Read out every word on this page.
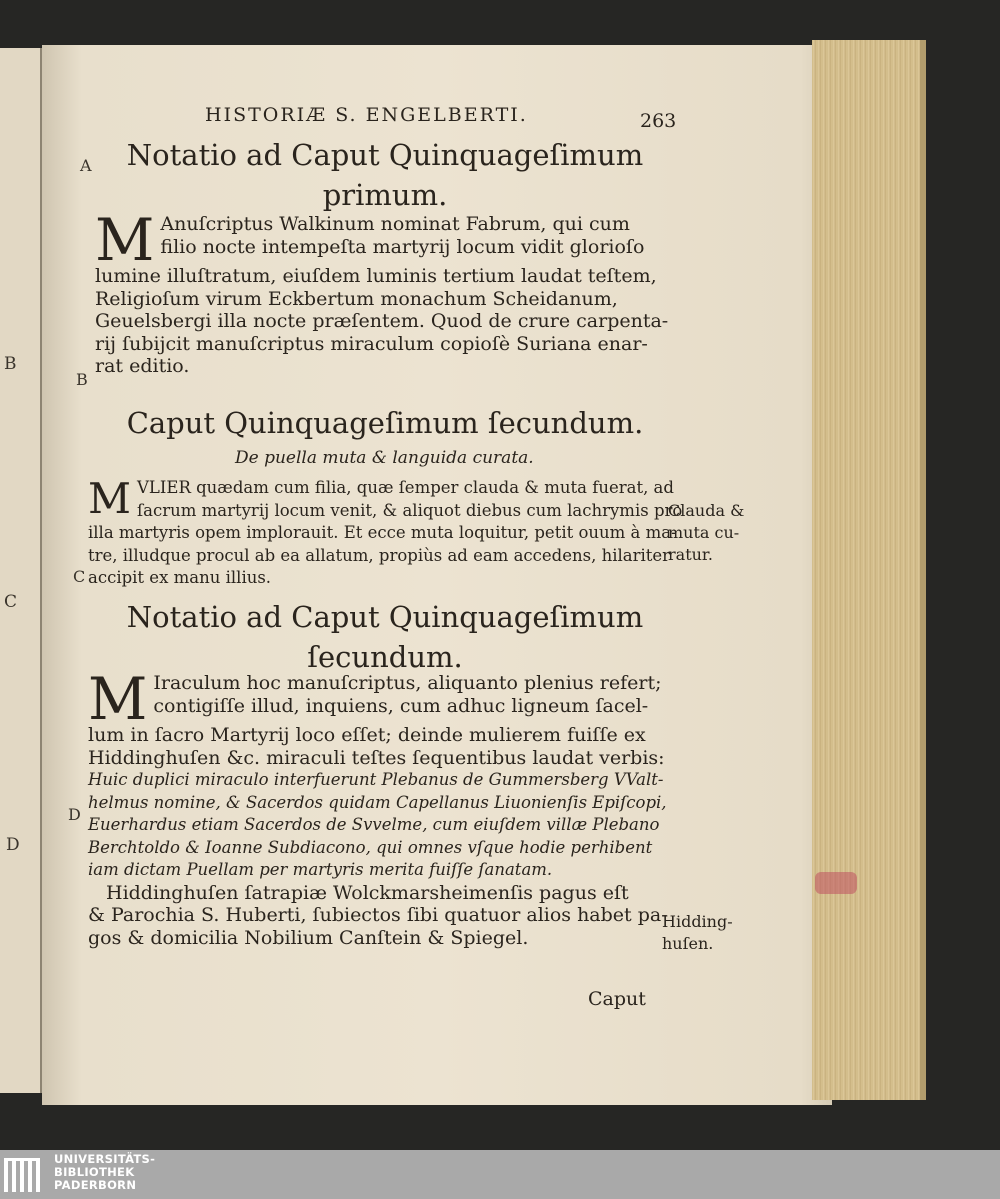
B
C
D
HISTORIÆ S. ENGELBERTI.	263
A	Notatio ad Caput Quinquageſimum
primum.
M Anuſcriptus Walkinum nominat Fabrum, qui cum
filio nocte intempeſta martyrij locum vidit glorioſo
lumine illuſtratum, eiuſdem luminis tertium laudat teſtem,
Religioſum virum Eckbertum monachum Scheidanum,
Geuelsbergi illa nocte præſentem. Quod de crure carpenta-
rij ſubijcit manuſcriptus miraculum copioſè Suriana enar-
rat editio.
B
Caput Quinquageſimum ſecundum.
De puella muta & languida curata.
M VLIER quædam cum filia, quæ ſemper clauda & muta fuerat, ad
ſacrum martyrij locum venit, & aliquot diebus cum lachrymis pro
illa martyris opem implorauit. Et ecce muta loquitur, petit ouum à ma-
tre, illudque procul ab ea allatum, propiùs ad eam accedens, hilariter
accipit ex manu illius.
C
Clauda &
muta cu-
ratur.
Notatio ad Caput Quinquageſimum
ſecundum.
M Iraculum hoc manuſcriptus, aliquanto plenius refert;
contigiſſe illud, inquiens, cum adhuc ligneum ſacel-
lum in ſacro Martyrij loco eſſet; deinde mulierem fuiſſe ex
Hiddinghuſen &c. miraculi teſtes ſequentibus laudat verbis:
Huic duplici miraculo interfuerunt Plebanus de Gummersberg VValt-
helmus nomine, & Sacerdos quidam Capellanus Liuonienſis Epiſcopi,
Euerhardus etiam Sacerdos de Svvelme, cum eiuſdem villæ Plebano
Berchtoldo & Ioanne Subdiacono, qui omnes vſque hodie perhibent
iam dictam Puellam per martyris merita fuiſſe ſanatam.
Hiddinghuſen ſatrapiæ Wolckmarsheimenſis pagus eſt
& Parochia S. Huberti, ſubiectos ſibi quatuor alios habet pa-
gos & domicilia Nobilium Canſtein & Spiegel.
D
Hidding-
huſen.
Caput
UNIVERSITÄTS-
BIBLIOTHEK
PADERBORN
